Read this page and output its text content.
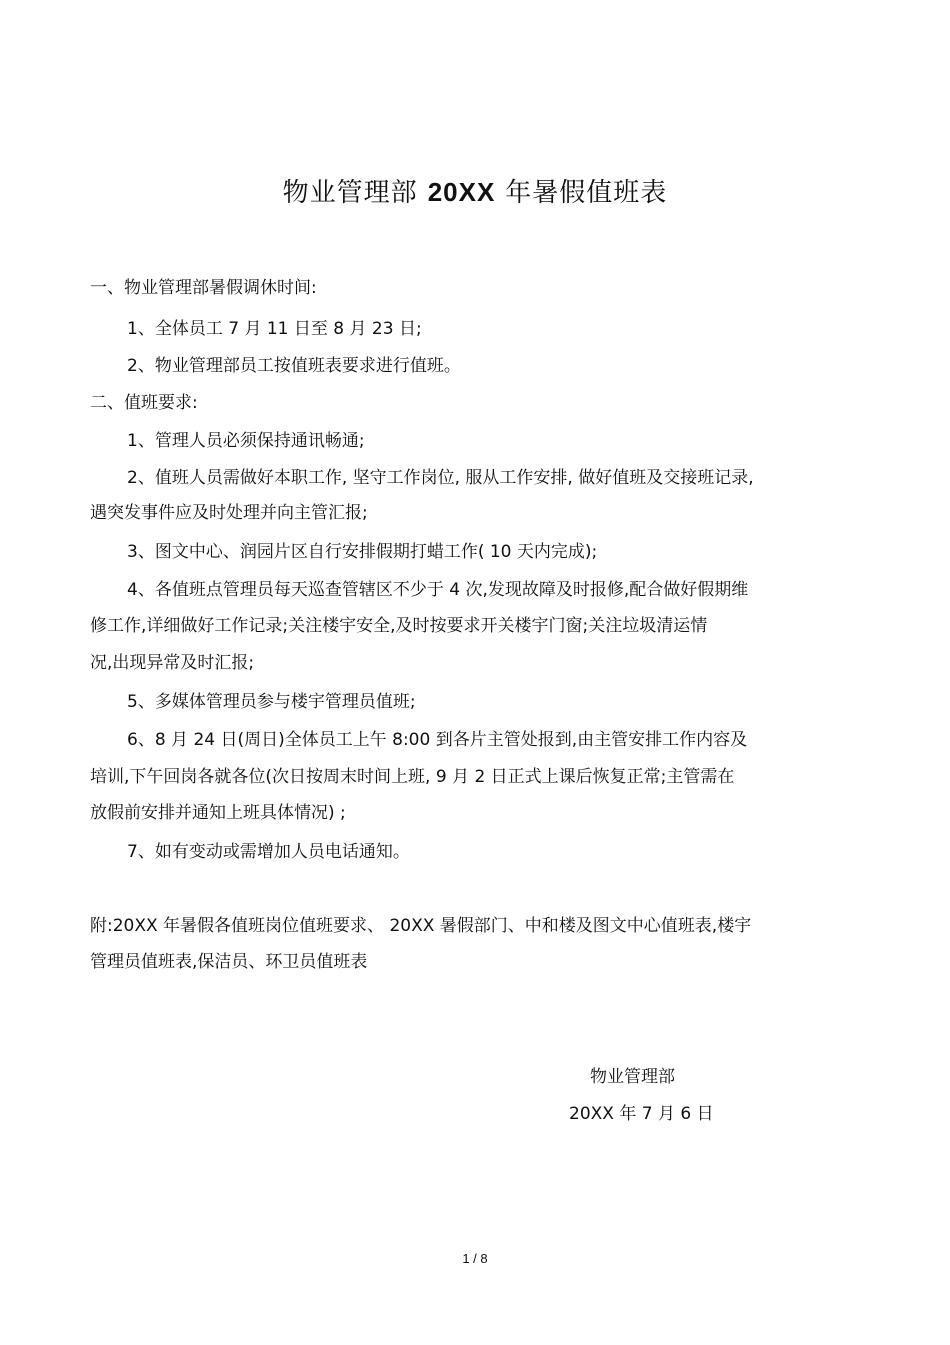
物业管理部 20XX 年暑假值班表
一、物业管理部暑假调休时间:
1、全体员工 7 月 11 日至 8 月 23 日;
2、物业管理部员工按值班表要求进行值班。
二、值班要求:
1、管理人员必须保持通讯畅通;
2、值班人员需做好本职工作, 坚守工作岗位, 服从工作安排, 做好值班及交接班记录,
遇突发事件应及时处理并向主管汇报;
3、图文中心、润园片区自行安排假期打蜡工作( 10 天内完成);
4、各值班点管理员每天巡查管辖区不少于 4 次,发现故障及时报修,配合做好假期维
修工作,详细做好工作记录;关注楼宇安全,及时按要求开关楼宇门窗;关注垃圾清运情
况,出现异常及时汇报;
5、多媒体管理员参与楼宇管理员值班;
6、8 月 24 日(周日)全体员工上午 8:00 到各片主管处报到,由主管安排工作内容及
培训,下午回岗各就各位(次日按周末时间上班, 9 月 2 日正式上课后恢复正常;主管需在
放假前安排并通知上班具体情况) ;
7、如有变动或需增加人员电话通知。
附:20XX 年暑假各值班岗位值班要求、 20XX 暑假部门、中和楼及图文中心值班表,楼宇
管理员值班表,保洁员、环卫员值班表
物业管理部
20XX 年 7 月 6 日
1 / 8
